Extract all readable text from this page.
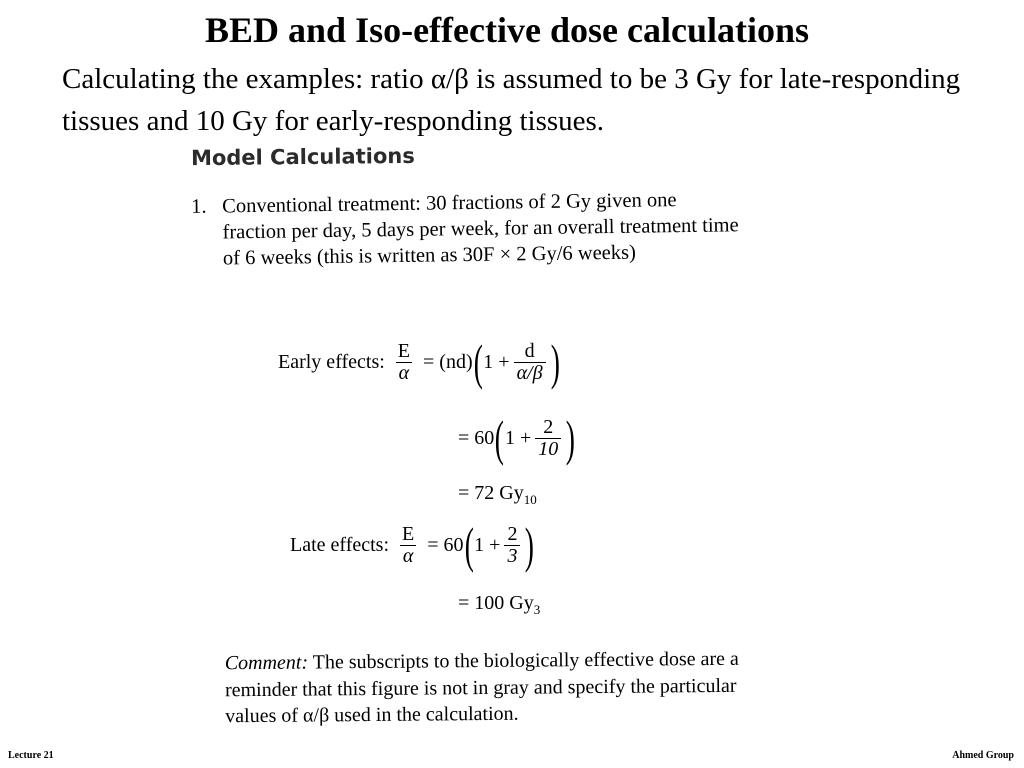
BED and Iso-effective dose calculations
Calculating the examples: ratio α/β is assumed to be 3 Gy for late-responding tissues and 10 Gy for early-responding tissues.
Model Calculations
1. Conventional treatment: 30 fractions of 2 Gy given one fraction per day, 5 days per week, for an overall treatment time of 6 weeks (this is written as 30F × 2 Gy/6 weeks)
Early effects: $\frac{E}{\alpha} = (nd)$ ( $1 + \frac{d}{\alpha/\beta}$ )
= 60 ( $1 + \frac{2}{10}$ )
= 72 Gy 10
Late effects: $\frac{E}{\alpha} = 60$ ( $1 + \frac{2}{3}$ )
= 100 Gy 3
Comment: The subscripts to the biologically effective dose are a reminder that this figure is not in gray and specify the particular values of α/β used in the calculation.
Lecture 21	Ahmed Group
